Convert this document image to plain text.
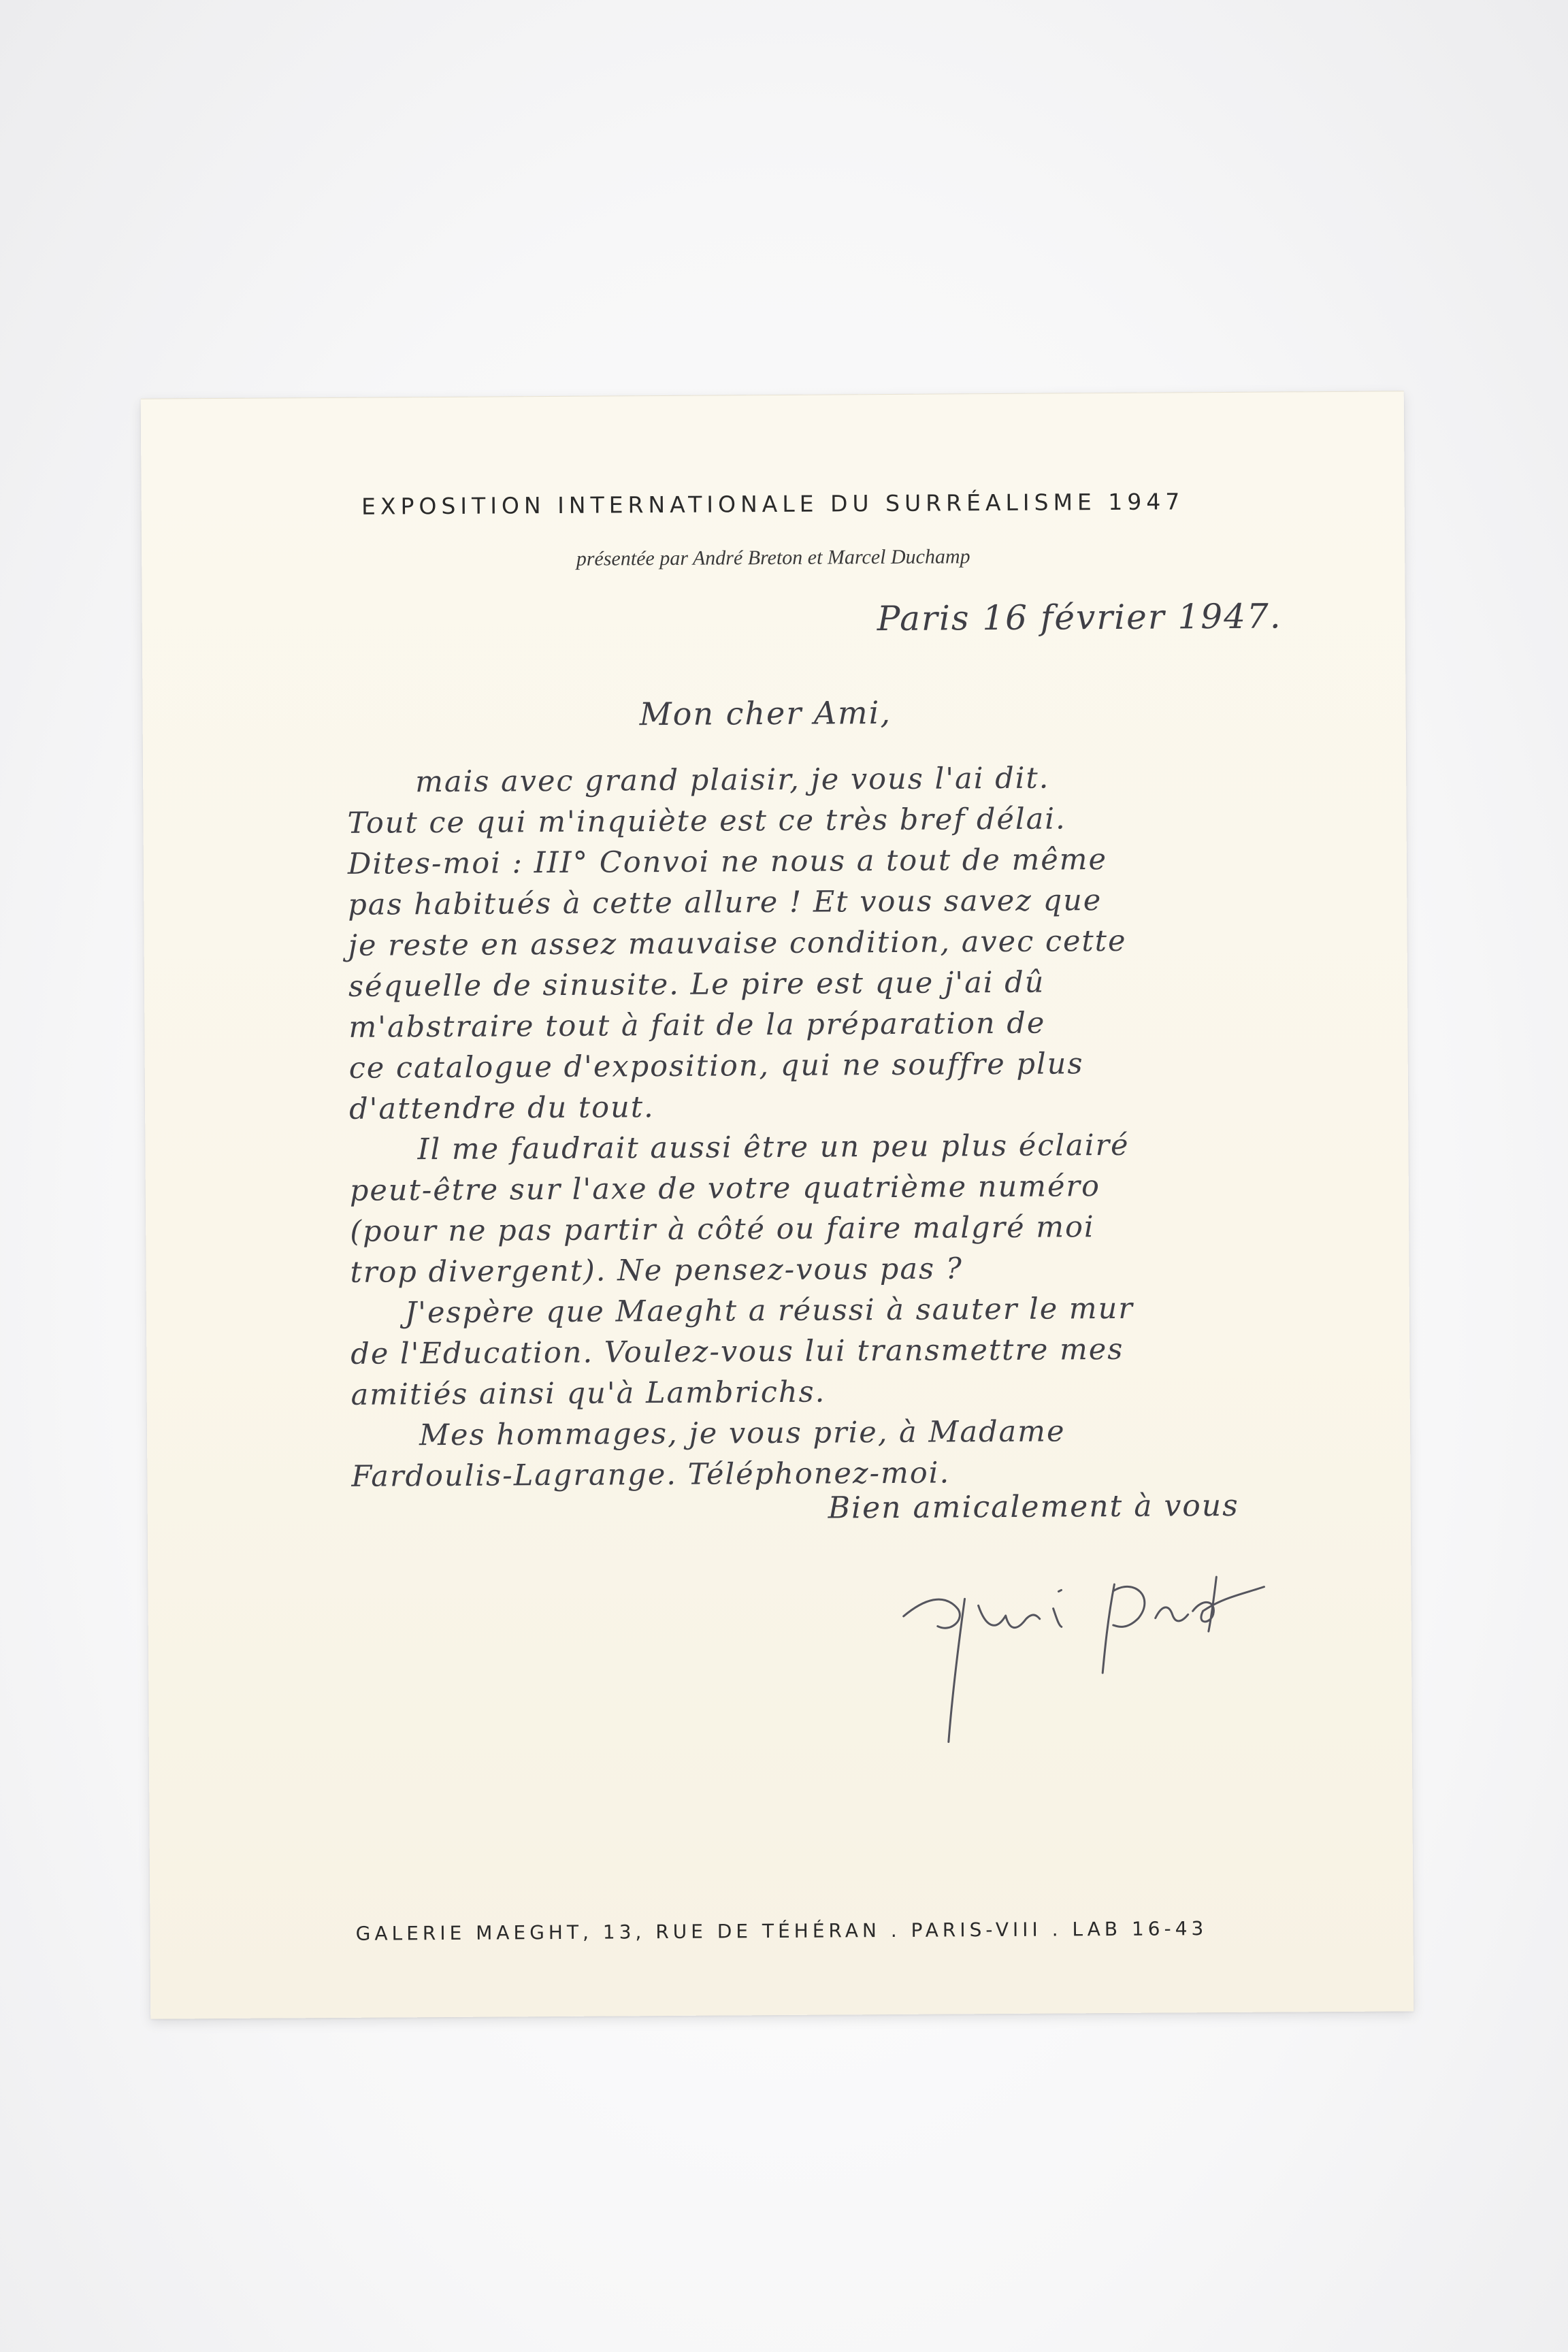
EXPOSITION INTERNATIONALE DU SURRÉALISME 1947
présentée par André Breton et Marcel Duchamp
Paris 16 février 1947.
Mon cher Ami,
mais avec grand plaisir, je vous l'ai dit.
Tout ce qui m'inquiète est ce très bref délai.
Dites-moi : III° Convoi ne nous a tout de même
pas habitués à cette allure ! Et vous savez que
je reste en assez mauvaise condition, avec cette
séquelle de sinusite. Le pire est que j'ai dû
m'abstraire tout à fait de la préparation de
ce catalogue d'exposition, qui ne souffre plus
d'attendre du tout.
Il me faudrait aussi être un peu plus éclairé
peut-être sur l'axe de votre quatrième numéro
(pour ne pas partir à côté ou faire malgré moi
trop divergent). Ne pensez-vous pas ?
J'espère que Maeght a réussi à sauter le mur
de l'Education. Voulez-vous lui transmettre mes
amitiés ainsi qu'à Lambrichs.
Mes hommages, je vous prie, à Madame
Fardoulis-Lagrange. Téléphonez-moi.
Bien amicalement à vous
GALERIE MAEGHT, 13, RUE DE TÉHÉRAN . PARIS-VIII . LAB 16-43
